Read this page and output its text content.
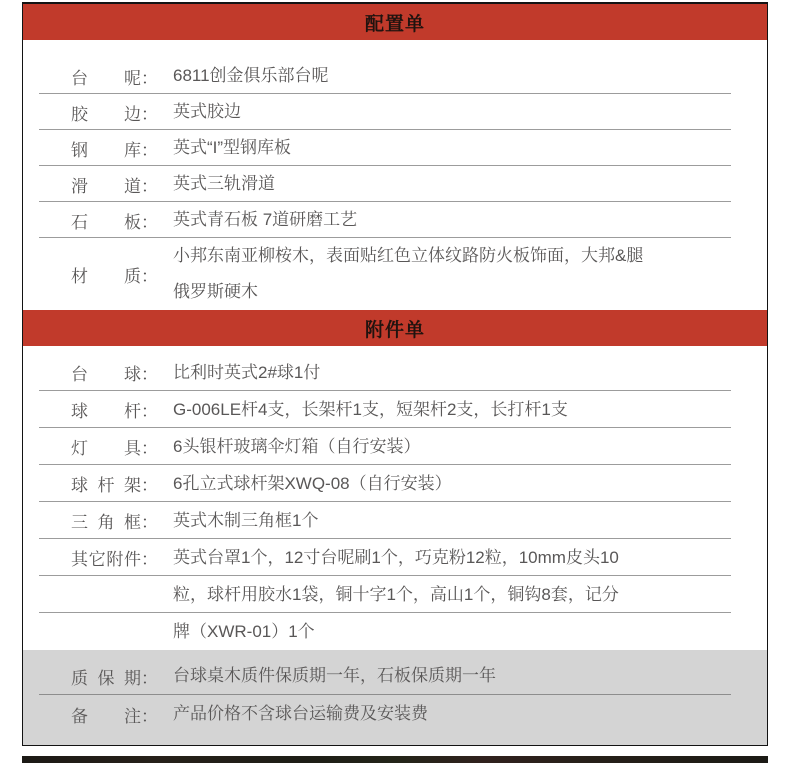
配置单
台 呢 ： 6811创金俱乐部台呢
胶 边 ： 英式胶边
钢 库 ： 英式“I”型钢库板
滑 道 ： 英式三轨滑道
石 板 ： 英式青石板 7道研磨工艺
材 质 ：
小邦东南亚柳桉木，表面贴红色立体纹路防火板饰面，大邦&腿
俄罗斯硬木
附件单
台 球 ： 比利时英式2#球1付
球 杆 ： G-006LE杆4支，长架杆1支，短架杆2支，长打杆1支
灯 具 ： 6头银杆玻璃伞灯箱（自行安装）
球 杆 架 ： 6孔立式球杆架XWQ-08（自行安装）
三 角 框 ： 英式木制三角框1个
其 它 附 件 ： 英式台罩1个，12寸台呢刷1个，巧克粉12粒，10mm皮头10
粒，球杆用胶水1袋，铜十字1个，高山1个，铜钩8套，记分
牌（XWR-01）1个
质 保 期 ： 台球桌木质件保质期一年，石板保质期一年
备 注 ： 产品价格不含球台运输费及安装费
